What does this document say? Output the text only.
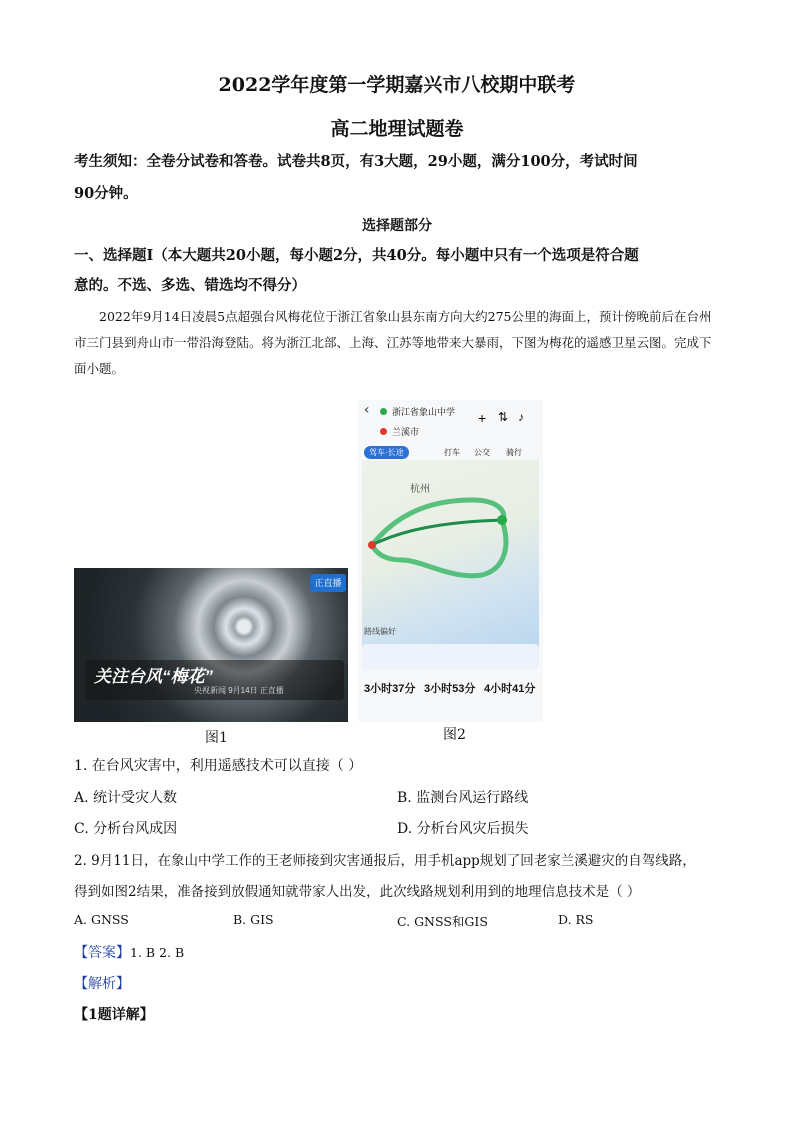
2022学年度第一学期嘉兴市八校期中联考
高二地理试题卷
考生须知：全卷分试卷和答卷。试卷共8页，有3大题，29小题，满分100分，考试时间
90分钟。
选择题部分
一、选择题Ⅰ（本大题共20小题，每小题2分，共40分。每小题中只有一个选项是符合题
意的。不选、多选、错选均不得分）
2022年9月14日凌晨5点超强台风梅花位于浙江省象山县东南方向大约275公里的海面上，预计傍晚前后在台州市三门县到舟山市一带沿海登陆。将为浙江北部、上海、江苏等地带来大暴雨，下图为梅花的遥感卫星云图。完成下面小题。
正直播
关注台风“梅花”
央视新闻 9月14日 正直播
图1
‹ 浙江省象山中学
兰溪市
+ ⇅ ♪
驾车·长途	打车 公交 骑行
杭州
路线偏好
3小时37分 3小时53分 4小时41分
图2
1. 在台风灾害中，利用遥感技术可以直接（ ）
A. 统计受灾人数	B. 监测台风运行路线
C. 分析台风成因	D. 分析台风灾后损失
2. 9月11日，在象山中学工作的王老师接到灾害通报后，用手机app规划了回老家兰溪避灾的自驾线路，
得到如图2结果，准备接到放假通知就带家人出发，此次线路规划利用到的地理信息技术是（ ）
A. GNSS	B. GIS	C. GNSS和GIS	D. RS
【答案】1. B 2. B
【解析】
【1题详解】
